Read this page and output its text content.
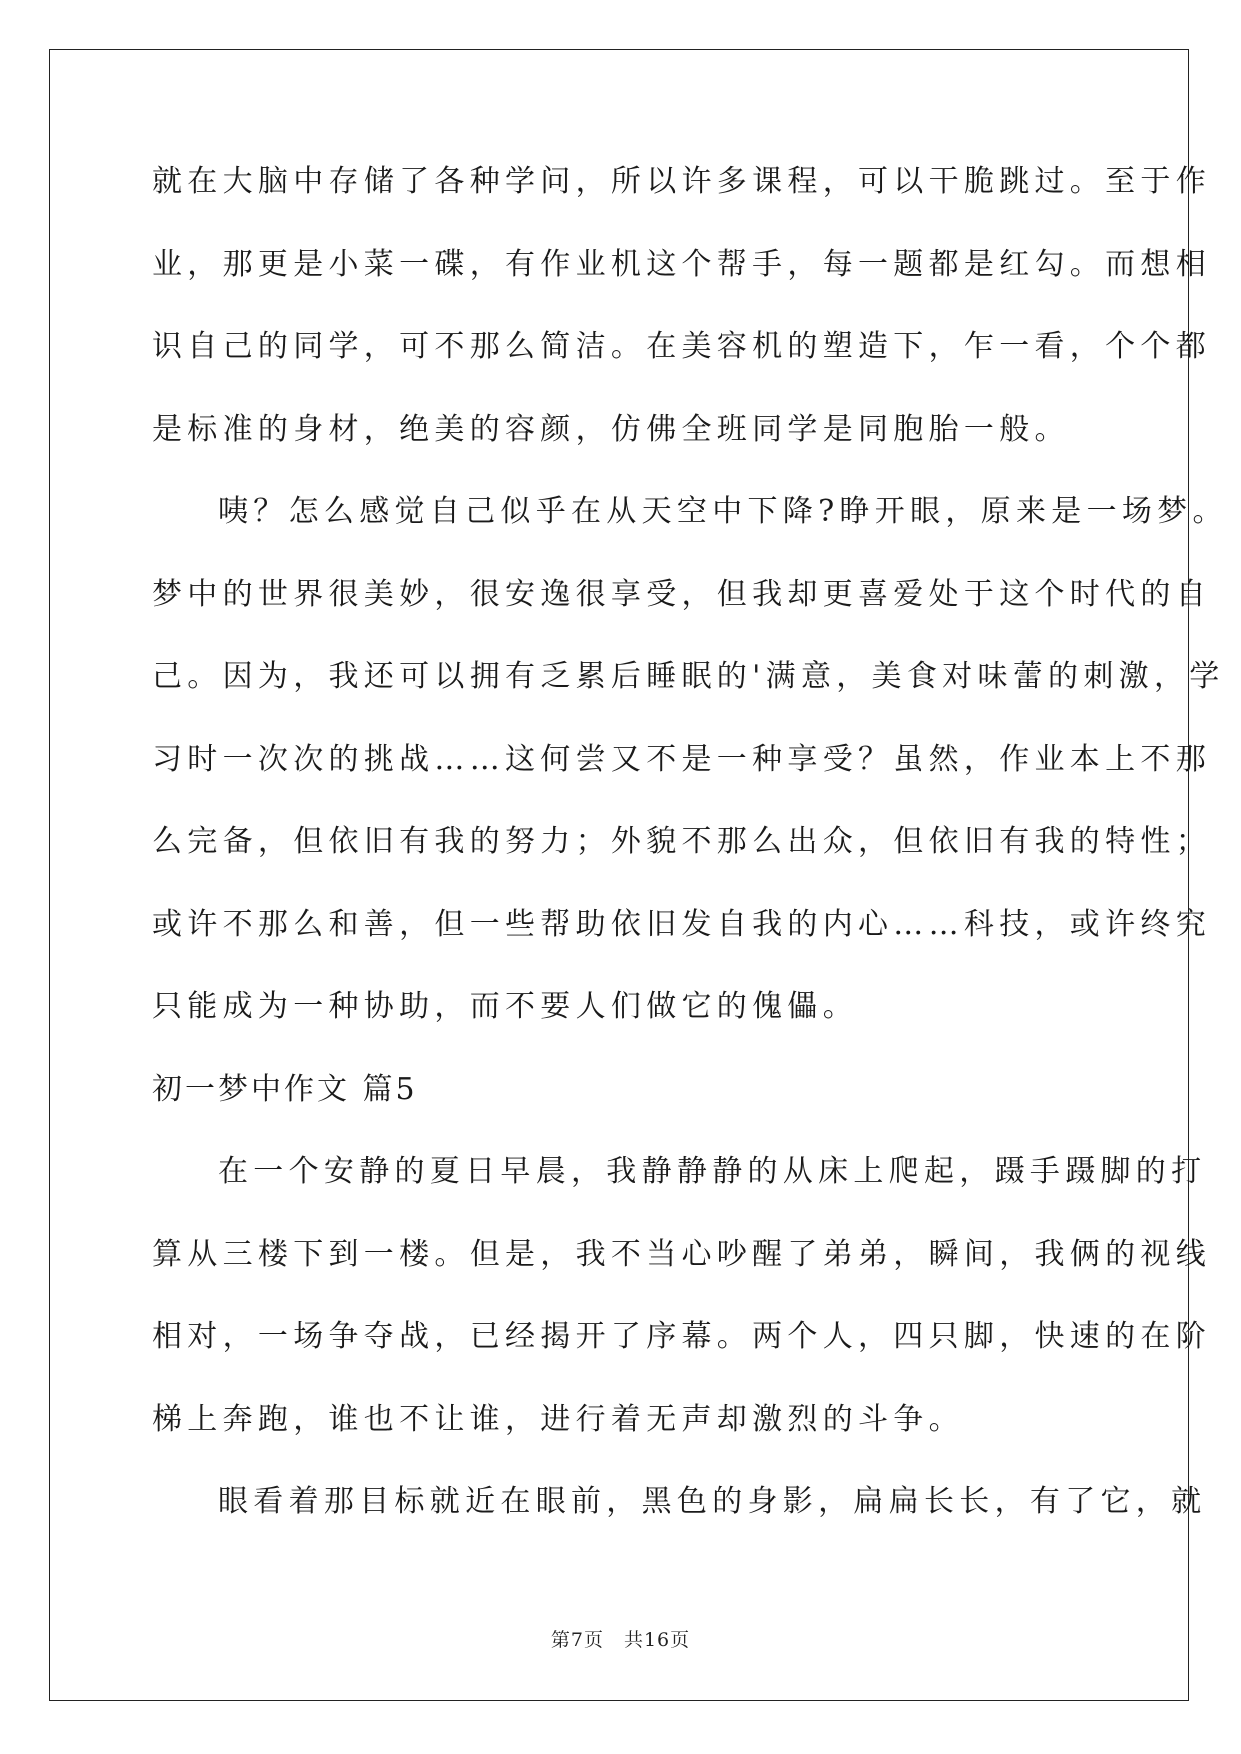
就在大脑中存储了各种学问，所以许多课程，可以干脆跳过。至于作
业，那更是小菜一碟，有作业机这个帮手，每一题都是红勾。而想相
识自己的同学，可不那么简洁。在美容机的塑造下，乍一看，个个都
是标准的身材，绝美的容颜，仿佛全班同学是同胞胎一般。
咦？怎么感觉自己似乎在从天空中下降?睁开眼，原来是一场梦。
梦中的世界很美妙，很安逸很享受，但我却更喜爱处于这个时代的自
己。因为，我还可以拥有乏累后睡眠的'满意，美食对味蕾的刺激，学
习时一次次的挑战……这何尝又不是一种享受？虽然，作业本上不那
么完备，但依旧有我的努力；外貌不那么出众，但依旧有我的特性；
或许不那么和善，但一些帮助依旧发自我的内心……科技，或许终究
只能成为一种协助，而不要人们做它的傀儡。
初一梦中作文 篇5
在一个安静的夏日早晨，我静静静的从床上爬起，蹑手蹑脚的打
算从三楼下到一楼。但是，我不当心吵醒了弟弟，瞬间，我俩的视线
相对，一场争夺战，已经揭开了序幕。两个人，四只脚，快速的在阶
梯上奔跑，谁也不让谁，进行着无声却激烈的斗争。
眼看着那目标就近在眼前，黑色的身影，扁扁长长，有了它，就
第7页　共16页
